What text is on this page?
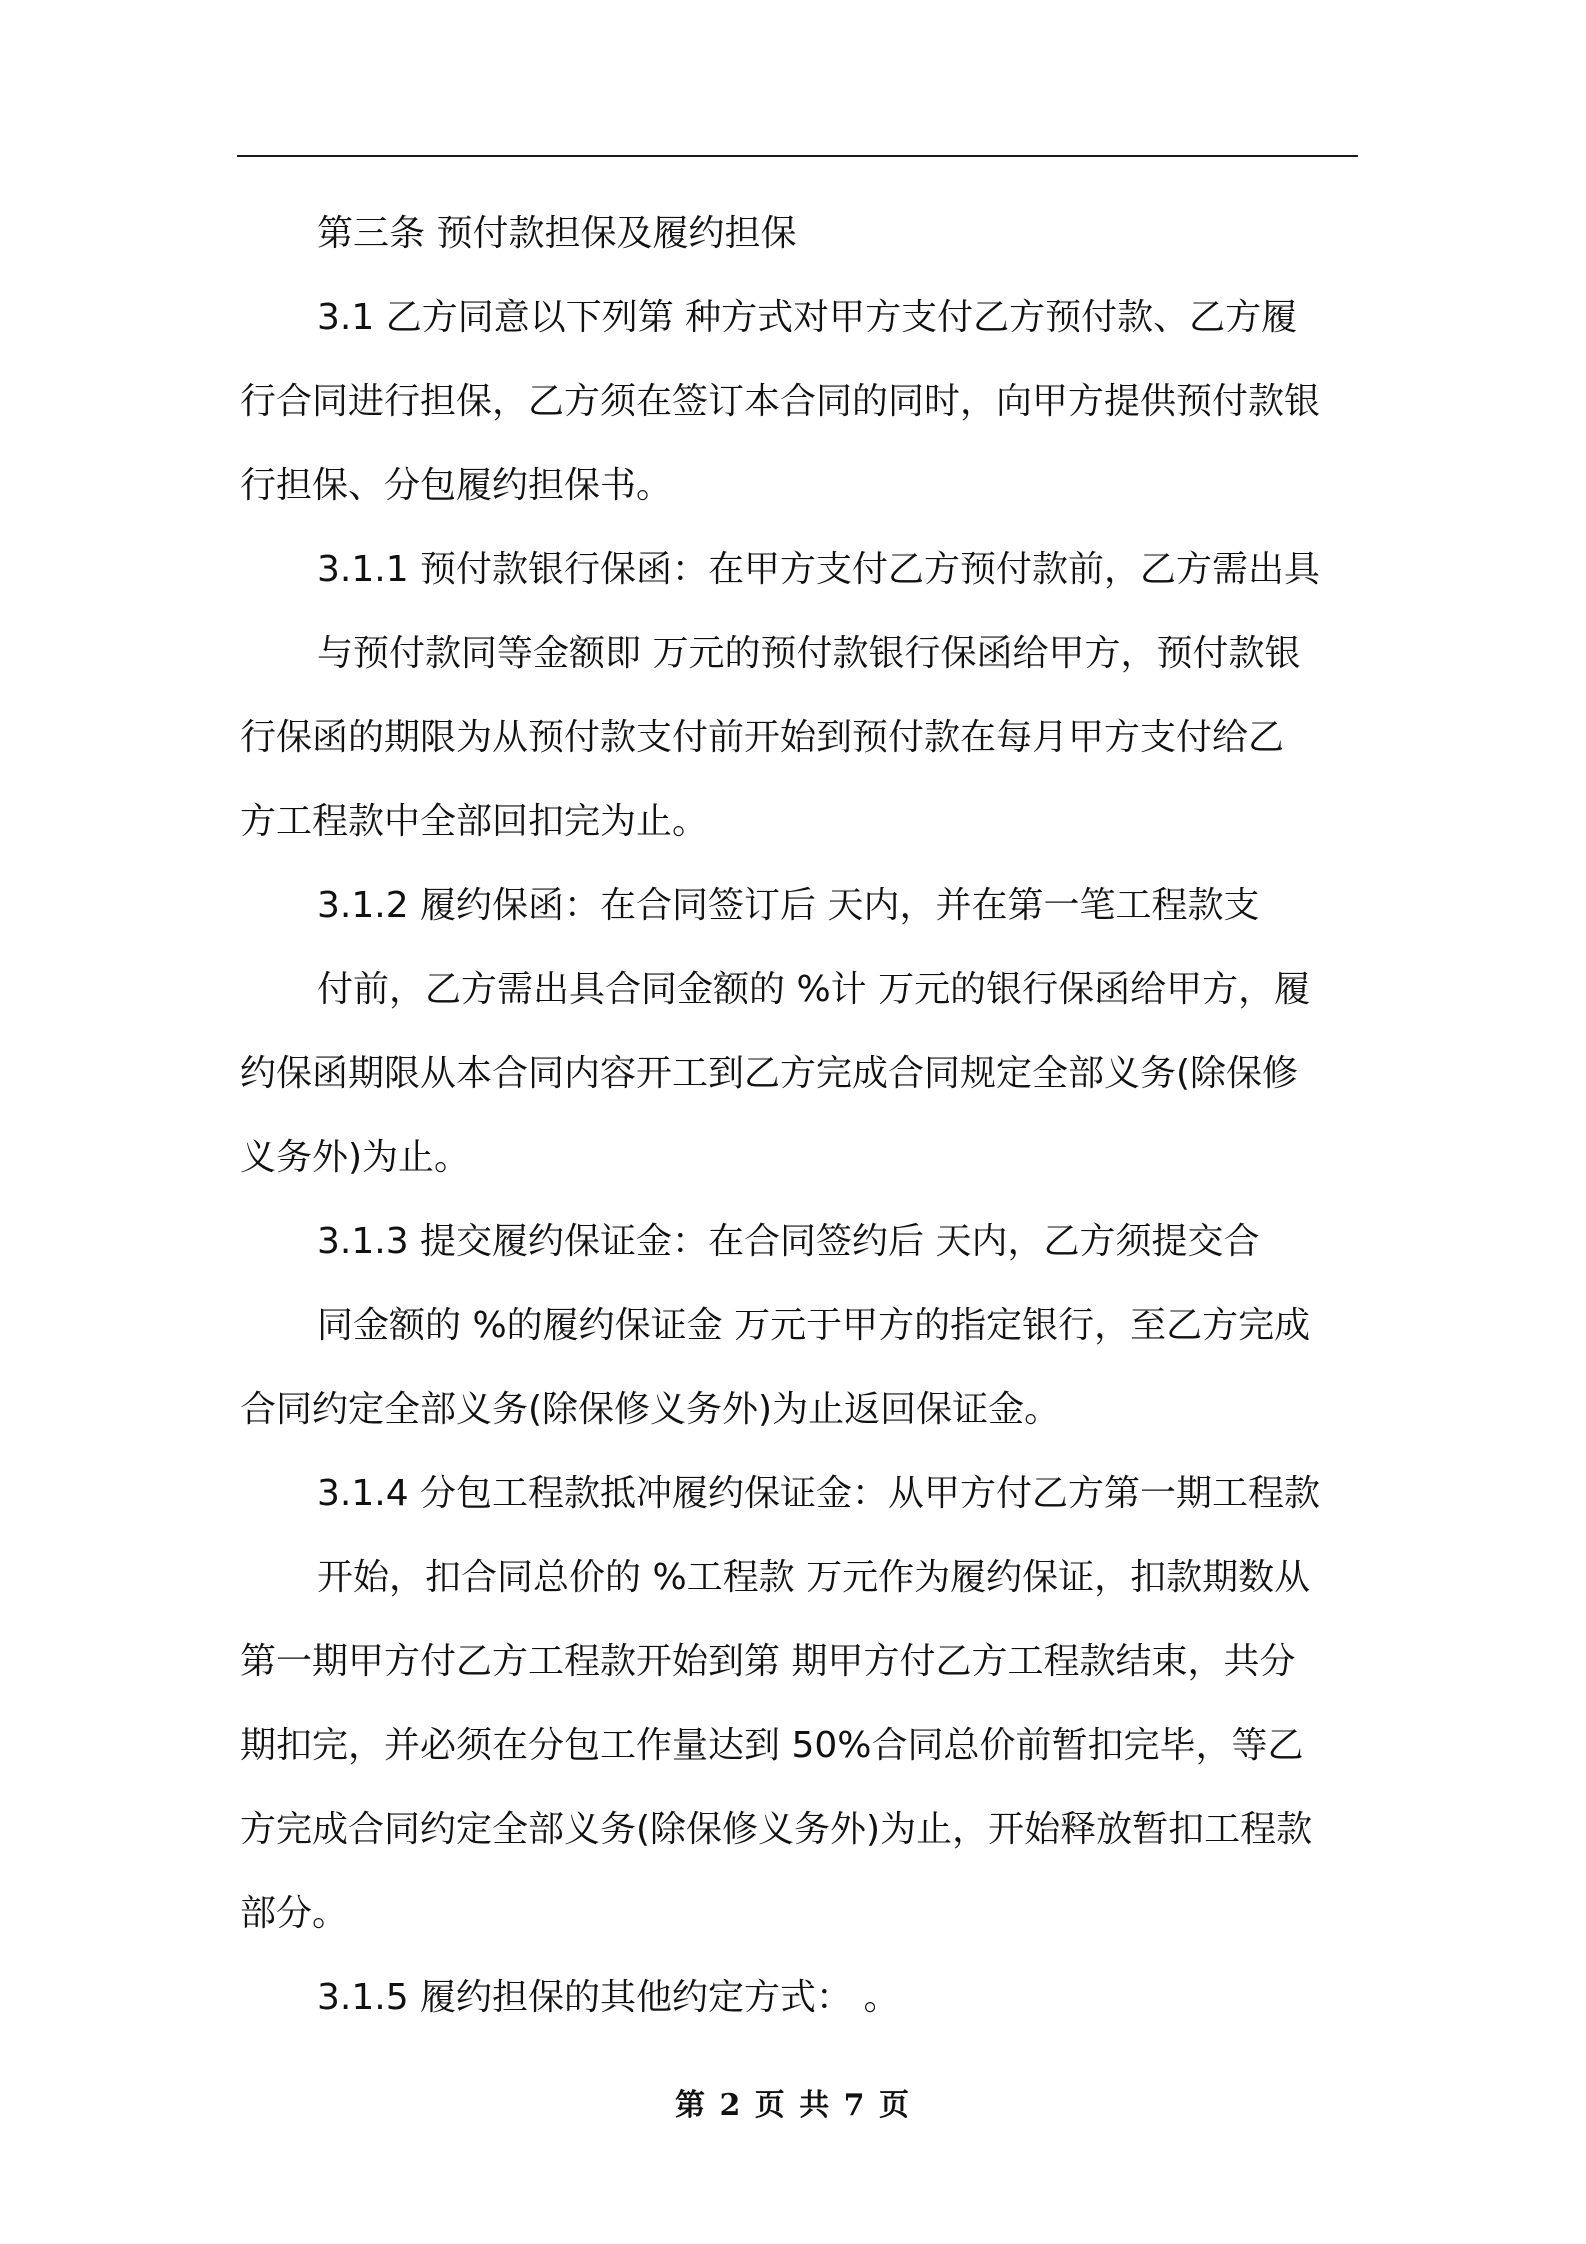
第三条 预付款担保及履约担保
3.1 乙方同意以下列第 种方式对甲方支付乙方预付款、乙方履
行合同进行担保，乙方须在签订本合同的同时，向甲方提供预付款银
行担保、分包履约担保书。
3.1.1 预付款银行保函：在甲方支付乙方预付款前，乙方需出具
与预付款同等金额即 万元的预付款银行保函给甲方，预付款银
行保函的期限为从预付款支付前开始到预付款在每月甲方支付给乙
方工程款中全部回扣完为止。
3.1.2 履约保函：在合同签订后 天内，并在第一笔工程款支
付前，乙方需出具合同金额的 %计 万元的银行保函给甲方，履
约保函期限从本合同内容开工到乙方完成合同规定全部义务(除保修
义务外)为止。
3.1.3 提交履约保证金：在合同签约后 天内，乙方须提交合
同金额的 %的履约保证金 万元于甲方的指定银行，至乙方完成
合同约定全部义务(除保修义务外)为止返回保证金。
3.1.4 分包工程款抵冲履约保证金：从甲方付乙方第一期工程款
开始，扣合同总价的 %工程款 万元作为履约保证，扣款期数从
第一期甲方付乙方工程款开始到第 期甲方付乙方工程款结束，共分
期扣完，并必须在分包工作量达到 50%合同总价前暂扣完毕，等乙
方完成合同约定全部义务(除保修义务外)为止，开始释放暂扣工程款
部分。
3.1.5 履约担保的其他约定方式： 。
第 2 页 共 7 页
